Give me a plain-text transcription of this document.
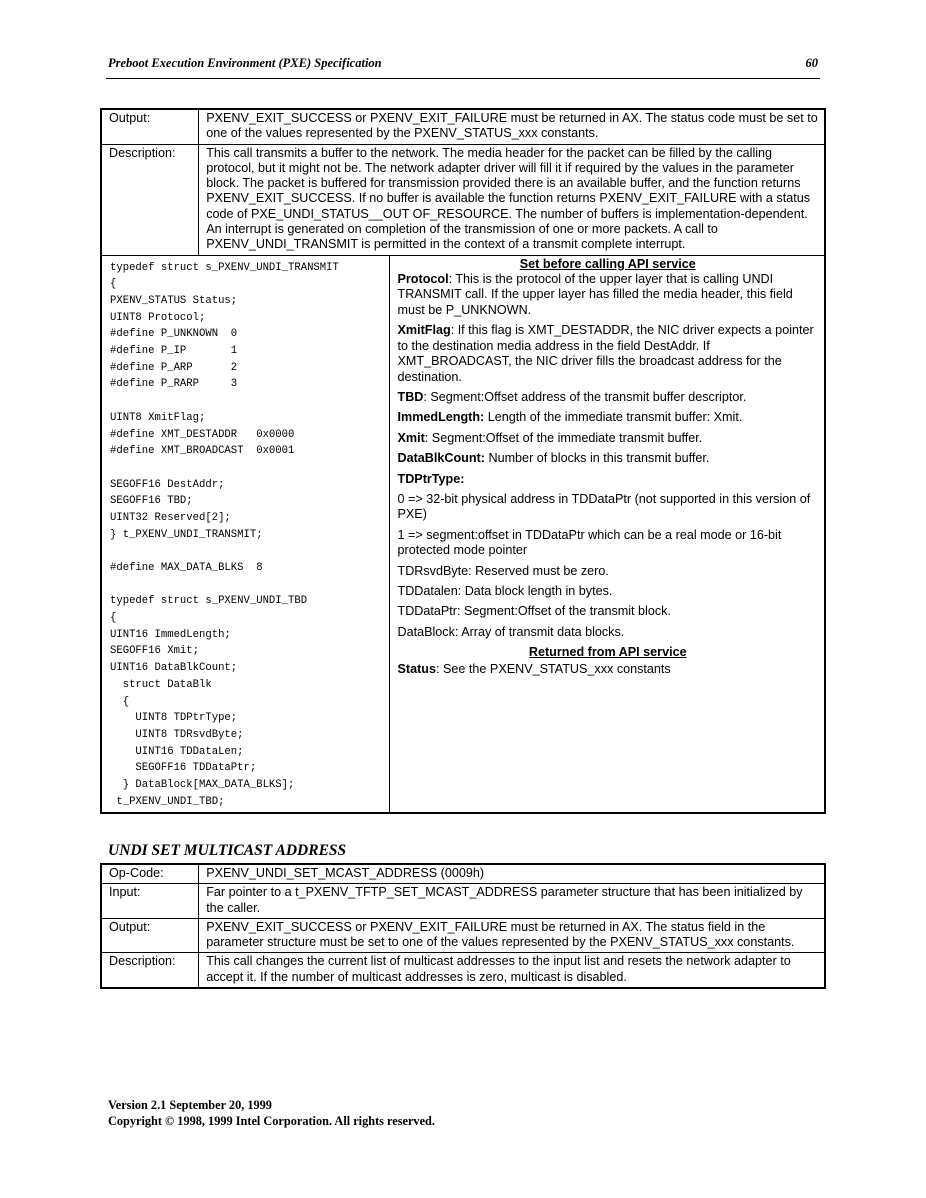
Preboot Execution Environment (PXE) Specification	60
Output:	PXENV_EXIT_SUCCESS or PXENV_EXIT_FAILURE must be returned in AX. The status code must be set to one of the values represented by the PXENV_STATUS_xxx constants.
Description:	This call transmits a buffer to the network. The media header for the packet can be filled by the calling protocol, but it might not be. The network adapter driver will fill it if required by the values in the parameter block. The packet is buffered for transmission provided there is an available buffer, and the function returns PXENV_EXIT_SUCCESS. If no buffer is available the function returns PXENV_EXIT_FAILURE with a status code of PXE_UNDI_STATUS__OUT OF_RESOURCE. The number of buffers is implementation-dependent. An interrupt is generated on completion of the transmission of one or more packets. A call to PXENV_UNDI_TRANSMIT is permitted in the context of a transmit complete interrupt.

typedef struct s_PXENV_UNDI_TRANSMIT
{
PXENV_STATUS Status;
UINT8 Protocol;
#define P_UNKNOWN  0
#define P_IP       1
#define P_ARP      2
#define P_RARP     3
UINT8 XmitFlag;
#define XMT_DESTADDR   0x0000
#define XMT_BROADCAST  0x0001
SEGOFF16 DestAddr;
SEGOFF16 TBD;
UINT32 Reserved[2];
} t_PXENV_UNDI_TRANSMIT;
#define MAX_DATA_BLKS  8
typedef struct s_PXENV_UNDI_TBD
{
UINT16 ImmedLength;
SEGOFF16 Xmit;
UINT16 DataBlkCount;
struct DataBlk
{
UINT8 TDPtrType;
UINT8 TDRsvdByte;
UINT16 TDDataLen;
SEGOFF16 TDDataPtr;
} DataBlock[MAX_DATA_BLKS];
t_PXENV_UNDI_TBD;

Set before calling API service

Protocol: This is the protocol of the upper layer that is calling UNDI TRANSMIT call. If the upper layer has filled the media header, this field must be P_UNKNOWN.

XmitFlag: If this flag is XMT_DESTADDR, the NIC driver expects a pointer to the destination media address in the field DestAddr. If XMT_BROADCAST, the NIC driver fills the broadcast address for the destination.

TBD: Segment:Offset address of the transmit buffer descriptor.

ImmedLength: Length of the immediate transmit buffer: Xmit.

Xmit: Segment:Offset of the immediate transmit buffer.

DataBlkCount: Number of blocks in this transmit buffer.

TDPtrType:

0 => 32-bit physical address in TDDataPtr (not supported in this version of PXE)

1 => segment:offset in TDDataPtr which can be a real mode or 16-bit protected mode pointer

TDRsvdByte: Reserved must be zero.

TDDatalen: Data block length in bytes.

TDDataPtr: Segment:Offset of the transmit block.

DataBlock: Array of transmit data blocks.

Returned from API service

Status: See the PXENV_STATUS_xxx constants

UNDI SET MULTICAST ADDRESS
Op-Code:	PXENV_UNDI_SET_MCAST_ADDRESS (0009h)
Input:	Far pointer to a t_PXENV_TFTP_SET_MCAST_ADDRESS parameter structure that has been initialized by the caller.
Output:	PXENV_EXIT_SUCCESS or PXENV_EXIT_FAILURE must be returned in AX. The status field in the parameter structure must be set to one of the values represented by the PXENV_STATUS_xxx constants.
Description:	This call changes the current list of multicast addresses to the input list and resets the network adapter to accept it. If the number of multicast addresses is zero, multicast is disabled.
Version 2.1 September 20, 1999
Copyright © 1998, 1999 Intel Corporation. All rights reserved.
